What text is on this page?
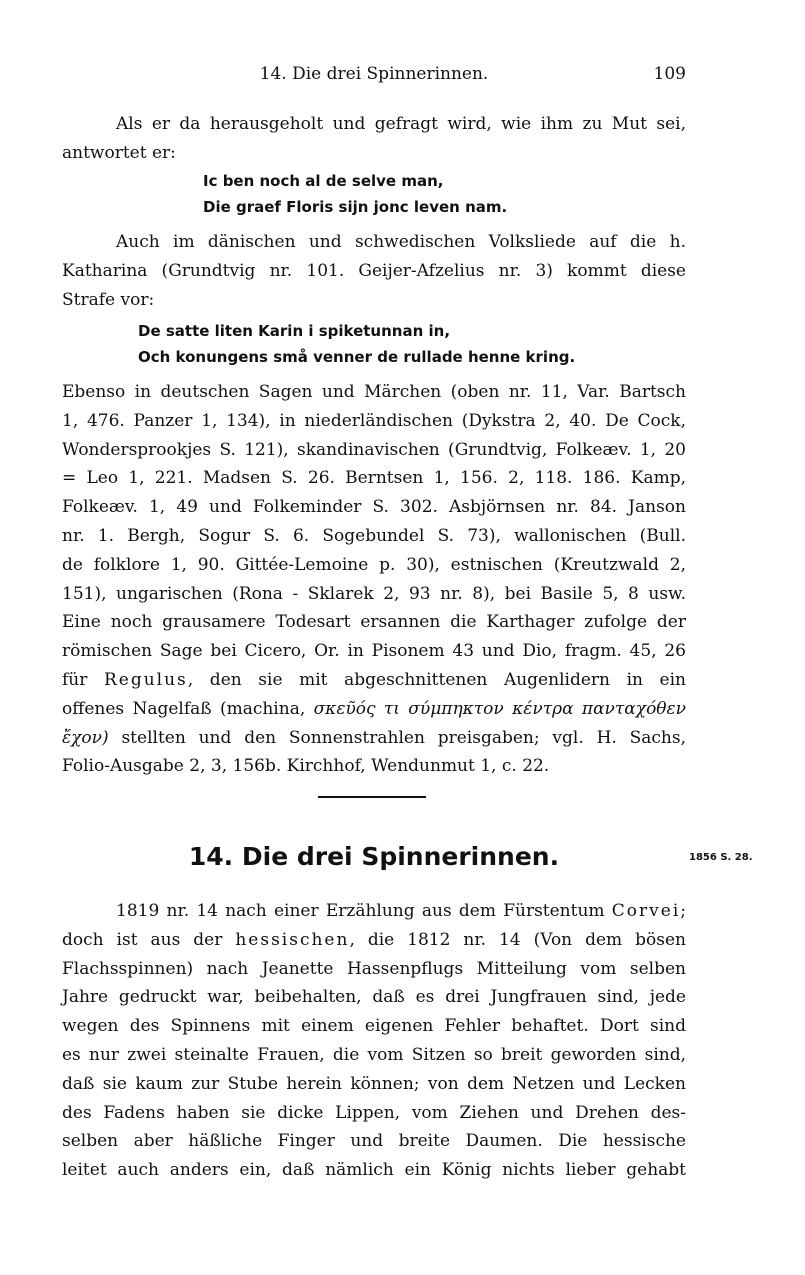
14. Die drei Spinnerinnen.	109
Als er da herausgeholt und gefragt wird, wie ihm zu Mut sei,
antwortet er:
Ic ben noch al de selve man,
Die graef Floris sijn jonc leven nam.
Auch im dänischen und schwedischen Volksliede auf die h.
Katharina (Grundtvig nr. 101. Geijer-Afzelius nr. 3) kommt diese
Strafe vor:
De satte liten Karin i spiketunnan in,
Och konungens små venner de rullade henne kring.
Ebenso in deutschen Sagen und Märchen (oben nr. 11, Var. Bartsch
1, 476. Panzer 1, 134), in niederländischen (Dykstra 2, 40. De Cock,
Wondersprookjes S. 121), skandinavischen (Grundtvig, Folkeæv. 1, 20
= Leo 1, 221. Madsen S. 26. Berntsen 1, 156. 2, 118. 186. Kamp,
Folkeæv. 1, 49 und Folkeminder S. 302. Asbjörnsen nr. 84. Janson
nr. 1. Bergh, Sogur S. 6. Sogebundel S. 73), wallonischen (Bull.
de folklore 1, 90. Gittée-Lemoine p. 30), estnischen (Kreutzwald 2,
151), ungarischen (Rona - Sklarek 2, 93 nr. 8), bei Basile 5, 8 usw.
Eine noch grausamere Todesart ersannen die Karthager zufolge der
römischen Sage bei Cicero, Or. in Pisonem 43 und Dio, fragm. 45, 26
für Regulus, den sie mit abgeschnittenen Augenlidern in ein
offenes Nagelfaß (machina, σκεῦός τι σύμπηκτον κέντρα πανταχόθεν
ἔχον) stellten und den Sonnenstrahlen preisgaben; vgl. H. Sachs,
Folio-Ausgabe 2, 3, 156b. Kirchhof, Wendunmut 1, c. 22.
14. Die drei Spinnerinnen.	1856 S. 28.
1819 nr. 14 nach einer Erzählung aus dem Fürstentum Corvei;
doch ist aus der hessischen, die 1812 nr. 14 (Von dem bösen
Flachsspinnen) nach Jeanette Hassenpflugs Mitteilung vom selben
Jahre gedruckt war, beibehalten, daß es drei Jungfrauen sind, jede
wegen des Spinnens mit einem eigenen Fehler behaftet. Dort sind
es nur zwei steinalte Frauen, die vom Sitzen so breit geworden sind,
daß sie kaum zur Stube herein können; von dem Netzen und Lecken
des Fadens haben sie dicke Lippen, vom Ziehen und Drehen des-
selben aber häßliche Finger und breite Daumen. Die hessische
leitet auch anders ein, daß nämlich ein König nichts lieber gehabt
